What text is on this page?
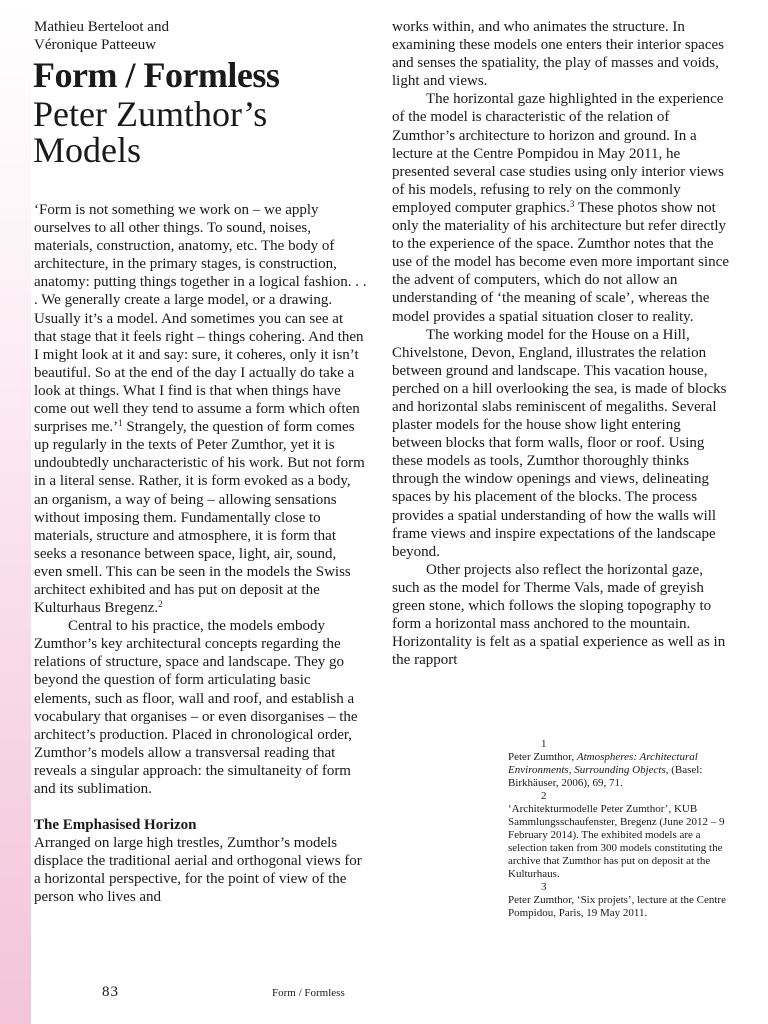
Mathieu Berteloot and
Véronique Patteeuw
Form / Formless
Peter Zumthor’s
Models

‘Form is not something we work on – we apply ourselves to all other things. To sound, noises, materials, construction, anatomy, etc. The body of architecture, in the primary stages, is construction, anatomy: putting things together in a logical fashion. . . . We generally create a large model, or a drawing. Usually it’s a model. And sometimes you can see at that stage that it feels right – things cohering. And then I might look at it and say: sure, it coheres, only it isn’t beautiful. So at the end of the day I actually do take a look at things. What I find is that when things have come out well they tend to assume a form which often surprises me.’$^1$ Strangely, the question of form comes up regularly in the texts of Peter Zumthor, yet it is undoubtedly uncharacteristic of his work. But not form in a literal sense. Rather, it is form evoked as a body, an organism, a way of being – allowing sensations without imposing them. Fundamentally close to materials, structure and atmosphere, it is form that seeks a resonance between space, light, air, sound, even smell. This can be seen in the models the Swiss architect exhibited and has put on deposit at the Kulturhaus Bregenz.$^2$

Central to his practice, the models embody Zumthor’s key architectural concepts regarding the relations of structure, space and landscape. They go beyond the question of form articulating basic elements, such as floor, wall and roof, and establish a vocabulary that organises – or even disorganises – the architect’s production. Placed in chronological order, Zumthor’s models allow a transversal reading that reveals a singular approach: the simultaneity of form and its sublimation.

The Emphasised Horizon

Arranged on large high trestles, Zumthor’s models displace the traditional aerial and orthogonal views for a horizontal perspective, for the point of view of the person who lives and

works within, and who animates the structure. In examining these models one enters their interior spaces and senses the spatiality, the play of masses and voids, light and views.

The horizontal gaze highlighted in the experience of the model is characteristic of the relation of Zumthor’s architecture to horizon and ground. In a lecture at the Centre Pompidou in May 2011, he presented several case studies using only interior views of his models, refusing to rely on the commonly employed computer graphics.$^3$ These photos show not only the materiality of his architecture but refer directly to the experience of the space. Zumthor notes that the use of the model has become even more important since the advent of computers, which do not allow an understanding of ‘the meaning of scale’, whereas the model provides a spatial situation closer to reality.

The working model for the House on a Hill, Chivelstone, Devon, England, illustrates the relation between ground and landscape. This vacation house, perched on a hill overlooking the sea, is made of blocks and horizontal slabs reminiscent of megaliths. Several plaster models for the house show light entering between blocks that form walls, floor or roof. Using these models as tools, Zumthor thoroughly thinks through the window openings and views, delineating spaces by his placement of the blocks. The process provides a spatial understanding of how the walls will frame views and inspire expectations of the landscape beyond.

Other projects also reflect the horizontal gaze, such as the model for Therme Vals, made of greyish green stone, which follows the sloping topography to form a horizontal mass anchored to the mountain. Horizontality is felt as a spatial experience as well as in the rapport

1
Peter Zumthor, Atmospheres: Architectural Environments, Surrounding Objects, (Basel: Birkhäuser, 2006), 69, 71.
2
‘Architekturmodelle Peter Zumthor’, KUB Sammlungsschaufenster, Bregenz (June 2012 – 9 February 2014). The exhibited models are a selection taken from 300 models constituting the archive that Zumthor has put on deposit at the Kulturhaus.
3
Peter Zumthor, ‘Six projets’, lecture at the Centre Pompidou, Paris, 19 May 2011.
83	Form / Formless
